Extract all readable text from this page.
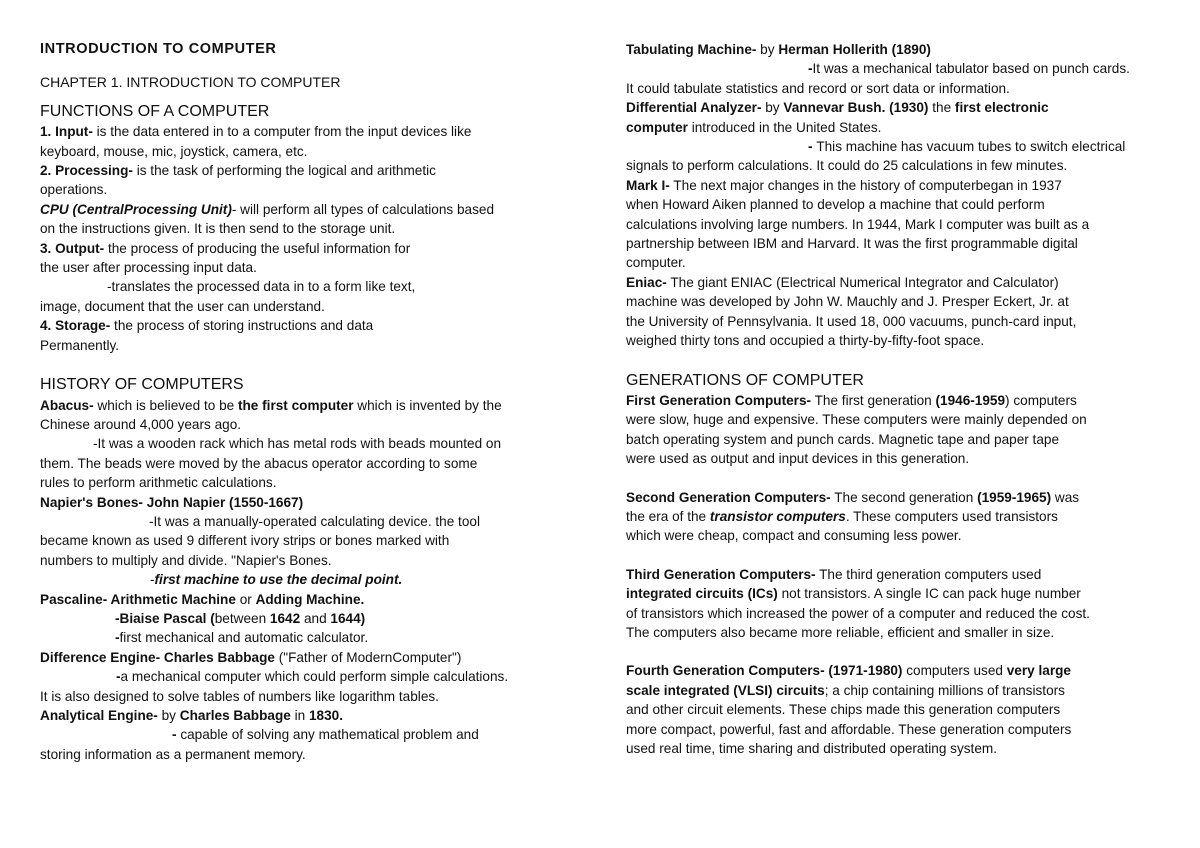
INTRODUCTION TO COMPUTER
CHAPTER 1. INTRODUCTION TO COMPUTER
FUNCTIONS OF A COMPUTER

1. Input- is the data entered in to a computer from the input devices like

keyboard, mouse, mic, joystick, camera, etc.

2. Processing- is the task of performing the logical and arithmetic

operations.

CPU (CentralProcessing Unit)- will perform all types of calculations based

on the instructions given. It is then send to the storage unit.

3. Output- the process of producing the useful information for

the user after processing input data.

-translates the processed data in to a form like text,

image, document that the user can understand.

4. Storage- the process of storing instructions and data

Permanently.

HISTORY OF COMPUTERS

Abacus- which is believed to be the first computer which is invented by the

Chinese around 4,000 years ago.

-It was a wooden rack which has metal rods with beads mounted on

them. The beads were moved by the abacus operator according to some

rules to perform arithmetic calculations.

Napier's Bones- John Napier (1550-1667)

-It was a manually-operated calculating device. the tool

became known as used 9 different ivory strips or bones marked with

numbers to multiply and divide. "Napier's Bones.

-first machine to use the decimal point.

Pascaline- Arithmetic Machine or Adding Machine.

-Biaise Pascal (between 1642 and 1644)

-first mechanical and automatic calculator.

Difference Engine- Charles Babbage ("Father of ModernComputer")

-a mechanical computer which could perform simple calculations.

It is also designed to solve tables of numbers like logarithm tables.

Analytical Engine- by Charles Babbage in 1830.

- capable of solving any mathematical problem and

storing information as a permanent memory.

Tabulating Machine- by Herman Hollerith (1890)

-It was a mechanical tabulator based on punch cards.

It could tabulate statistics and record or sort data or information.

Differential Analyzer- by Vannevar Bush. (1930) the first electronic

computer introduced in the United States.

- This machine has vacuum tubes to switch electrical

signals to perform calculations. It could do 25 calculations in few minutes.

Mark I- The next major changes in the history of computerbegan in 1937

when Howard Aiken planned to develop a machine that could perform

calculations involving large numbers. In 1944, Mark I computer was built as a

partnership between IBM and Harvard. It was the first programmable digital

computer.

Eniac- The giant ENIAC (Electrical Numerical Integrator and Calculator)

machine was developed by John W. Mauchly and J. Presper Eckert, Jr. at

the University of Pennsylvania. It used 18, 000 vacuums, punch-card input,

weighed thirty tons and occupied a thirty-by-fifty-foot space.

GENERATIONS OF COMPUTER

First Generation Computers- The first generation (1946-1959) computers

were slow, huge and expensive. These computers were mainly depended on

batch operating system and punch cards. Magnetic tape and paper tape

were used as output and input devices in this generation.

Second Generation Computers- The second generation (1959-1965) was

the era of the transistor computers. These computers used transistors

which were cheap, compact and consuming less power.

Third Generation Computers- The third generation computers used

integrated circuits (ICs) not transistors. A single IC can pack huge number

of transistors which increased the power of a computer and reduced the cost.

The computers also became more reliable, efficient and smaller in size.

Fourth Generation Computers- (1971-1980) computers used very large

scale integrated (VLSI) circuits; a chip containing millions of transistors

and other circuit elements. These chips made this generation computers

more compact, powerful, fast and affordable. These generation computers

used real time, time sharing and distributed operating system.
